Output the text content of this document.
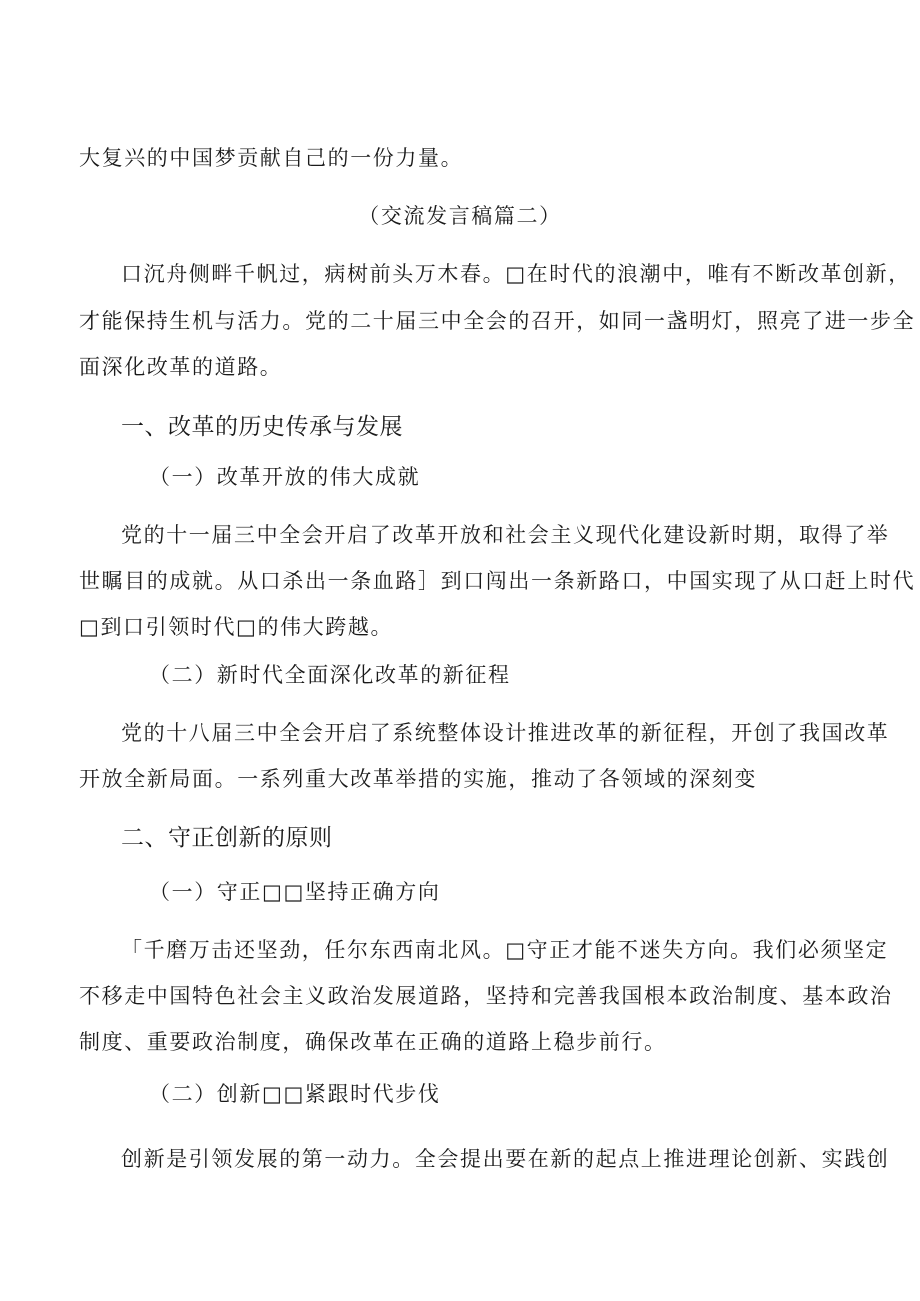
大复兴的中国梦贡献自己的一份力量。

（交流发言稿篇二）

口沉舟侧畔千帆过，病树前头万木春。□在时代的浪潮中，唯有不断改革创新，

才能保持生机与活力。党的二十届三中全会的召开，如同一盏明灯，照亮了进一步全

面深化改革的道路。

一、改革的历史传承与发展

（一）改革开放的伟大成就

党的十一届三中全会开启了改革开放和社会主义现代化建设新时期，取得了举

世瞩目的成就。从口杀出一条血路］到口闯出一条新路口，中国实现了从口赶上时代

□到口引领时代□的伟大跨越。

（二）新时代全面深化改革的新征程

党的十八届三中全会开启了系统整体设计推进改革的新征程，开创了我国改革

开放全新局面。一系列重大改革举措的实施，推动了各领域的深刻变

二、守正创新的原则

（一）守正□□坚持正确方向

「千磨万击还坚劲，任尔东西南北风。□守正才能不迷失方向。我们必须坚定

不移走中国特色社会主义政治发展道路，坚持和完善我国根本政治制度、基本政治

制度、重要政治制度，确保改革在正确的道路上稳步前行。

（二）创新□□紧跟时代步伐

创新是引领发展的第一动力。全会提出要在新的起点上推进理论创新、实践创
